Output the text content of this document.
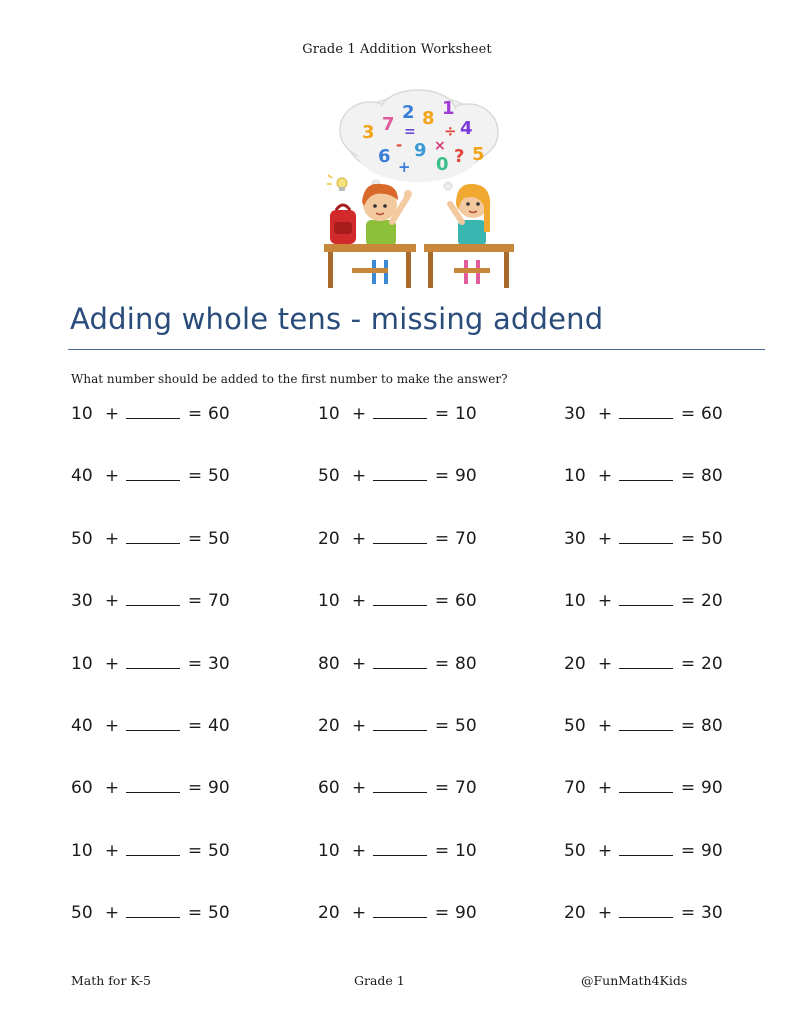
Grade 1 Addition Worksheet
3 7
2 8 1
= ÷ 4
6
- 9 ×
0 ? 5
+
Adding whole tens - missing addend
What number should be added to the first number to make the answer?
10 +	= 60	10 +	= 10	30 +	= 60
40 +	= 50	50 +	= 90	10 +	= 80
50 +	= 50	20 +	= 70	30 +	= 50
30 +	= 70	10 +	= 60	10 +	= 20
10 +	= 30	80 +	= 80	20 +	= 20
40 +	= 40	20 +	= 50	50 +	= 80
60 +	= 90	60 +	= 70	70 +	= 90
10 +	= 50	10 +	= 10	50 +	= 90
50 +	= 50	20 +	= 90	20 +	= 30
Math for K-5	Grade 1	@FunMath4Kids
